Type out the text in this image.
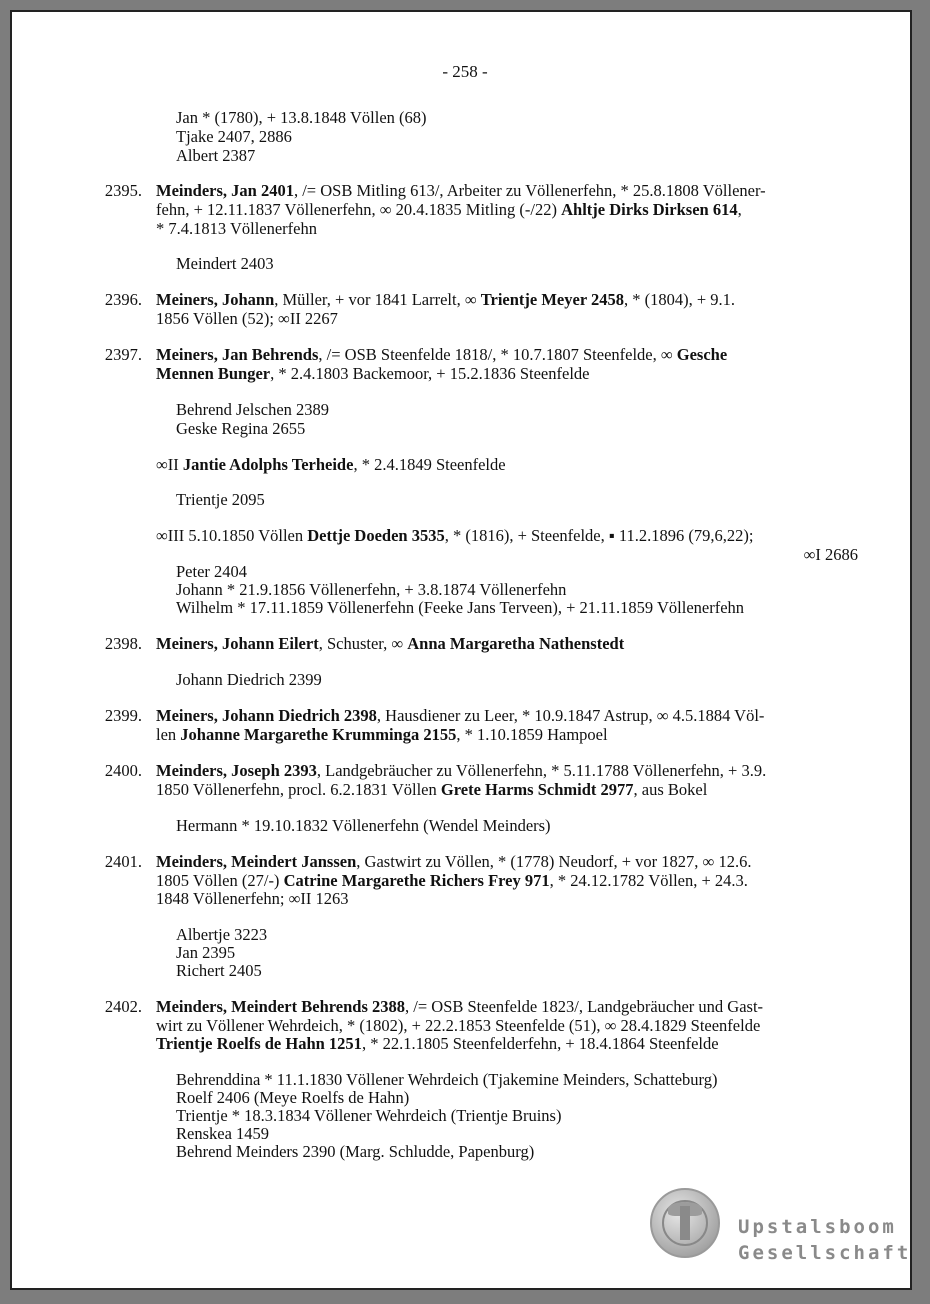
- 258 -
Jan * (1780), + 13.8.1848 Völlen (68)
Tjake 2407, 2886
Albert 2387
2395. Meinders, Jan 2401, /= OSB Mitling 613/, Arbeiter zu Völlenerfehn, * 25.8.1808 Völlener-
fehn, + 12.11.1837 Völlenerfehn, ∞ 20.4.1835 Mitling (-/22) Ahltje Dirks Dirksen 614,
* 7.4.1813 Völlenerfehn
Meindert 2403
2396. Meiners, Johann, Müller, + vor 1841 Larrelt, ∞ Trientje Meyer 2458, * (1804), + 9.1.
1856 Völlen (52); ∞II 2267
2397. Meiners, Jan Behrends, /= OSB Steenfelde 1818/, * 10.7.1807 Steenfelde, ∞ Gesche
Mennen Bunger, * 2.4.1803 Backemoor, + 15.2.1836 Steenfelde
Behrend Jelschen 2389
Geske Regina 2655
∞II Jantie Adolphs Terheide, * 2.4.1849 Steenfelde
Trientje 2095
∞III 5.10.1850 Völlen Dettje Doeden 3535, * (1816), + Steenfelde, ▪ 11.2.1896 (79,6,22);
∞I 2686
Peter 2404
Johann * 21.9.1856 Völlenerfehn, + 3.8.1874 Völlenerfehn
Wilhelm * 17.11.1859 Völlenerfehn (Feeke Jans Terveen), + 21.11.1859 Völlenerfehn
2398. Meiners, Johann Eilert, Schuster, ∞ Anna Margaretha Nathenstedt
Johann Diedrich 2399
2399. Meiners, Johann Diedrich 2398, Hausdiener zu Leer, * 10.9.1847 Astrup, ∞ 4.5.1884 Völ-
len Johanne Margarethe Krumminga 2155, * 1.10.1859 Hampoel
2400. Meinders, Joseph 2393, Landgebräucher zu Völlenerfehn, * 5.11.1788 Völlenerfehn, + 3.9.
1850 Völlenerfehn, procl. 6.2.1831 Völlen Grete Harms Schmidt 2977, aus Bokel
Hermann * 19.10.1832 Völlenerfehn (Wendel Meinders)
2401. Meinders, Meindert Janssen, Gastwirt zu Völlen, * (1778) Neudorf, + vor 1827, ∞ 12.6.
1805 Völlen (27/-) Catrine Margarethe Richers Frey 971, * 24.12.1782 Völlen, + 24.3.
1848 Völlenerfehn; ∞II 1263
Albertje 3223
Jan 2395
Richert 2405
2402. Meinders, Meindert Behrends 2388, /= OSB Steenfelde 1823/, Landgebräucher und Gast-
wirt zu Völlener Wehrdeich, * (1802), + 22.2.1853 Steenfelde (51), ∞ 28.4.1829 Steenfelde
Trientje Roelfs de Hahn 1251, * 22.1.1805 Steenfelderfehn, + 18.4.1864 Steenfelde
Behrenddina * 11.1.1830 Völlener Wehrdeich (Tjakemine Meinders, Schatteburg)
Roelf 2406 (Meye Roelfs de Hahn)
Trientje * 18.3.1834 Völlener Wehrdeich (Trientje Bruins)
Renskea 1459
Behrend Meinders 2390 (Marg. Schludde, Papenburg)
Upstalsboom
Gesellschaft
